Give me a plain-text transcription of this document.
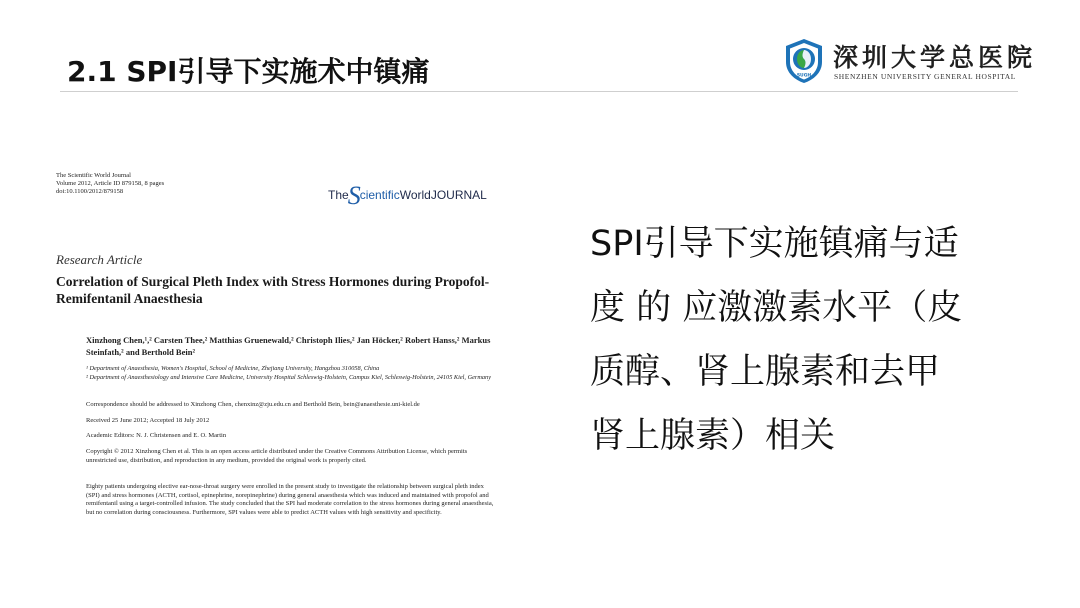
2.1 SPI引导下实施术中镇痛	SUGH
深圳大学总医院
SHENZHEN UNIVERSITY GENERAL HOSPITAL
The Scientific World Journal
Volume 2012, Article ID 879158, 8 pages
doi:10.1100/2012/879158	TheScientificWorldJOURNAL
Research Article
Correlation of Surgical Pleth Index with Stress Hormones during Propofol-Remifentanil Anaesthesia
Xinzhong Chen,¹,² Carsten Thee,² Matthias Gruenewald,² Christoph Ilies,² Jan Höcker,² Robert Hanss,² Markus Steinfath,² and Berthold Bein²
¹ Department of Anaesthesia, Women's Hospital, School of Medicine, Zhejiang University, Hangzhou 310058, China
² Department of Anaesthesiology and Intensive Care Medicine, University Hospital Schleswig-Holstein, Campus Kiel, Schleswig-Holstein, 24105 Kiel, Germany
Correspondence should be addressed to Xinzhong Chen, chenxinz@zju.edu.cn and Berthold Bein, bein@anaesthesie.uni-kiel.de
Received 25 June 2012; Accepted 18 July 2012
Academic Editors: N. J. Christensen and E. O. Martin
Copyright © 2012 Xinzhong Chen et al. This is an open access article distributed under the Creative Commons Attribution License, which permits unrestricted use, distribution, and reproduction in any medium, provided the original work is properly cited.
Eighty patients undergoing elective ear-nose-throat surgery were enrolled in the present study to investigate the relationship between surgical pleth index (SPI) and stress hormones (ACTH, cortisol, epinephrine, norepinephrine) during general anaesthesia which was induced and maintained with propofol and remifentanil using a target-controlled infusion. The study concluded that the SPI had moderate correlation to the stress hormones during general anaesthesia, but no correlation during consciousness. Furthermore, SPI values were able to predict ACTH values with high sensitivity and specificity.
SPI引导下实施镇痛与适
度 的 应激激素水平（皮
质醇、肾上腺素和去甲
肾上腺素）相关
